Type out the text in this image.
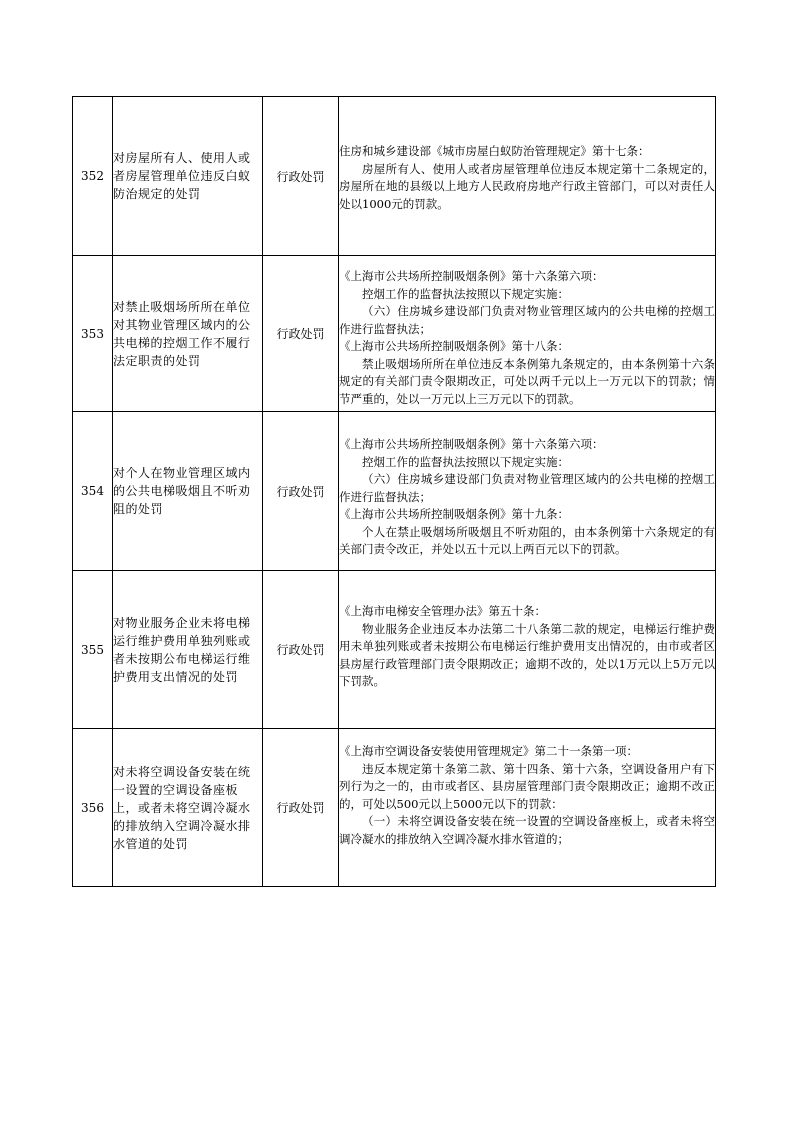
352	对房屋所有人、使用人或者房屋管理单位违反白蚁防治规定的处罚	行政处罚	住房和城乡建设部《城市房屋白蚁防治管理规定》第十七条：
房屋所有人、使用人或者房屋管理单位违反本规定第十二条规定的，房屋所在地的县级以上地方人民政府房地产行政主管部门，可以对责任人处以1000元的罚款。

353	对禁止吸烟场所所在单位对其物业管理区域内的公共电梯的控烟工作不履行法定职责的处罚	行政处罚	《上海市公共场所控制吸烟条例》第十六条第六项：
控烟工作的监督执法按照以下规定实施：
（六）住房城乡建设部门负责对物业管理区域内的公共电梯的控烟工作进行监督执法；
《上海市公共场所控制吸烟条例》第十八条：
禁止吸烟场所所在单位违反本条例第九条规定的，由本条例第十六条规定的有关部门责令限期改正，可处以两千元以上一万元以下的罚款；情节严重的，处以一万元以上三万元以下的罚款。

354	对个人在物业管理区域内的公共电梯吸烟且不听劝阻的处罚	行政处罚	《上海市公共场所控制吸烟条例》第十六条第六项：
控烟工作的监督执法按照以下规定实施：
（六）住房城乡建设部门负责对物业管理区域内的公共电梯的控烟工作进行监督执法；
《上海市公共场所控制吸烟条例》第十九条：
个人在禁止吸烟场所吸烟且不听劝阻的，由本条例第十六条规定的有关部门责令改正，并处以五十元以上两百元以下的罚款。

355	对物业服务企业未将电梯运行维护费用单独列账或者未按期公布电梯运行维护费用支出情况的处罚	行政处罚	《上海市电梯安全管理办法》第五十条：
物业服务企业违反本办法第二十八条第二款的规定，电梯运行维护费用未单独列账或者未按期公布电梯运行维护费用支出情况的，由市或者区县房屋行政管理部门责令限期改正；逾期不改的，处以1万元以上5万元以下罚款。

356	对未将空调设备安装在统一设置的空调设备座板上，或者未将空调冷凝水的排放纳入空调冷凝水排水管道的处罚	行政处罚	《上海市空调设备安装使用管理规定》第二十一条第一项：
违反本规定第十条第二款、第十四条、第十六条，空调设备用户有下列行为之一的，由市或者区、县房屋管理部门责令限期改正；逾期不改正的，可处以500元以上5000元以下的罚款：
（一）未将空调设备安装在统一设置的空调设备座板上，或者未将空调冷凝水的排放纳入空调冷凝水排水管道的；
